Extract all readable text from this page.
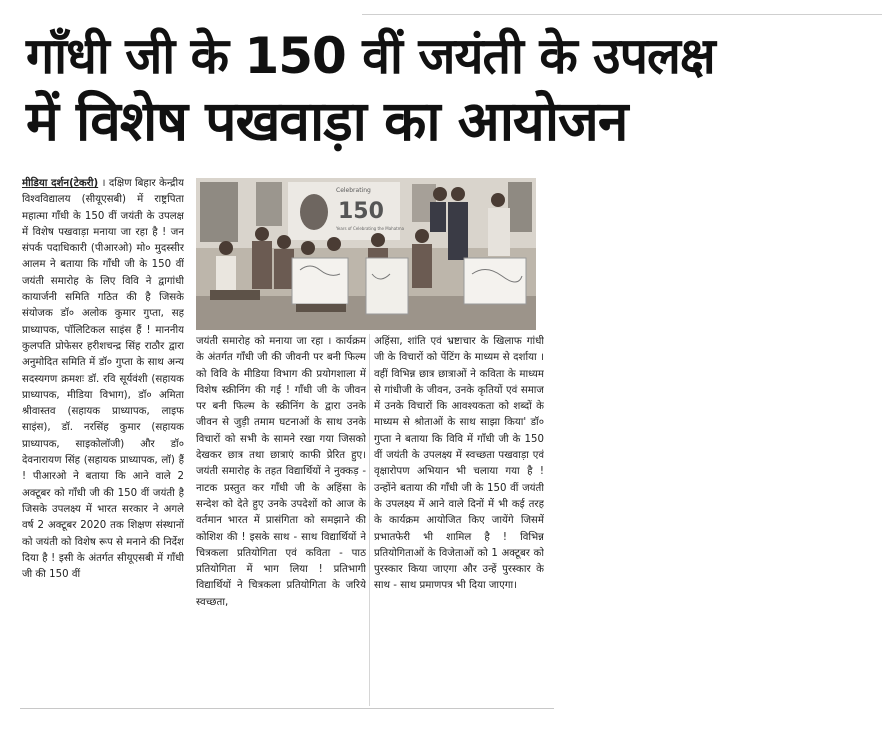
गाँधी जी के 150 वीं जयंती के उपलक्ष
में विशेष पखवाड़ा का आयोजन
मीडिया दर्शन(टेकरी) । दक्षिण बिहार केन्द्रीय विश्वविद्यालय (सीयूएसबी) में राष्ट्रपिता महात्मा गाँधी के 150 वीं जयंती के उपलक्ष में विशेष पखवाड़ा मनाया जा रहा है ! जन संपर्क पदाधिकारी (पीआरओ) मो० मुदस्सीर आलम ने बताया कि गाँधी जी के 150 वीं जयंती समारोह के लिए विवि ने द्वागांधी कायार्जनी समिति गठित की है जिसके संयोजक डॉ० अलोक कुमार गुप्ता, सह प्राध्यापक, पॉलिटिकल साइंस हैं ! माननीय कुलपति प्रोफेसर हरीशचन्द्र सिंह राठौर द्वारा अनुमोदित समिति में डॉ० गुप्ता के साथ अन्य सदस्यगण क्रमशः डॉ. रवि सूर्यवंशी (सहायक प्राध्यापक, मीडिया विभाग), डॉ० अमिता श्रीवास्तव (सहायक प्राध्यापक, लाइफ साइंस), डॉ. नरसिंह कुमार (सहायक प्राध्यापक, साइकोलॉजी) और डॉ० देवनारायण सिंह (सहायक प्राध्यापक, लॉ) हैं ! पीआरओ ने बताया कि आने वाले 2 अक्टूबर को गाँधी जी की 150 वीं जयंती है जिसके उपलक्ष्य में भारत सरकार ने अगले वर्ष 2 अक्टूबर 2020 तक शिक्षण संस्थानों को जयंती को विशेष रूप से मनाने की निर्देश दिया है ! इसी के अंतर्गत सीयूएसबी में गाँधी जी की 150 वीं
Celebrating
150
Years of Celebrating the Mahatma
जयंती समारोह को मनाया जा रहा । कार्यक्रम के अंतर्गत गाँधी जी की जीवनी पर बनी फिल्म को विवि के मीडिया विभाग की प्रयोगशाला में विशेष स्क्रीनिंग की गई ! गाँधी जी के जीवन पर बनी फिल्म के स्क्रीनिंग के द्वारा उनके जीवन से जुड़ी तमाम घटनाओं के साथ उनके विचारों को सभी के सामने रखा गया जिसको देखकर छात्र तथा छात्राएं काफी प्रेरित हुए। जयंती समारोह के तहत विद्यार्थियों ने नुक्कड़ - नाटक प्रस्तुत कर गाँधी जी के अहिंसा के सन्देश को देते हुए उनके उपदेशों को आज के वर्तमान भारत में प्रासंगिता को समझाने की कोशिश की ! इसके साथ - साथ विद्यार्थियों ने चित्रकला प्रतियोगिता एवं कविता - पाठ प्रतियोगिता में भाग लिया ! प्रतिभागी विद्यार्थियों ने चित्रकला प्रतियोगिता के जरिये स्वच्छता,
अहिंसा, शांति एवं भ्रष्टाचार के खिलाफ गांधी जी के विचारों को पेंटिंग के माध्यम से दर्शाया । वहीं विभिन्न छात्र छात्राओं ने कविता के माध्यम से गांधीजी के जीवन, उनके कृतियों एवं समाज में उनके विचारों कि आवश्यकता को शब्दों के माध्यम से श्रोताओं के साथ साझा किया' डॉ० गुप्ता ने बताया कि विवि में गाँधी जी के 150 वीं जयंती के उपलक्ष्य में स्वच्छता पखवाड़ा एवं वृक्षारोपण अभियान भी चलाया गया है ! उन्होंने बताया की गाँधी जी के 150 वीं जयंती के उपलक्ष्य में आने वाले दिनों में भी कई तरह के कार्यक्रम आयोजित किए जायेंगे जिसमें प्रभातफेरी भी शामिल है ! विभिन्न प्रतियोगिताओं के विजेताओं को 1 अक्टूबर को पुरस्कार किया जाएगा और उन्हें पुरस्कार के साथ - साथ प्रमाणपत्र भी दिया जाएगा।
